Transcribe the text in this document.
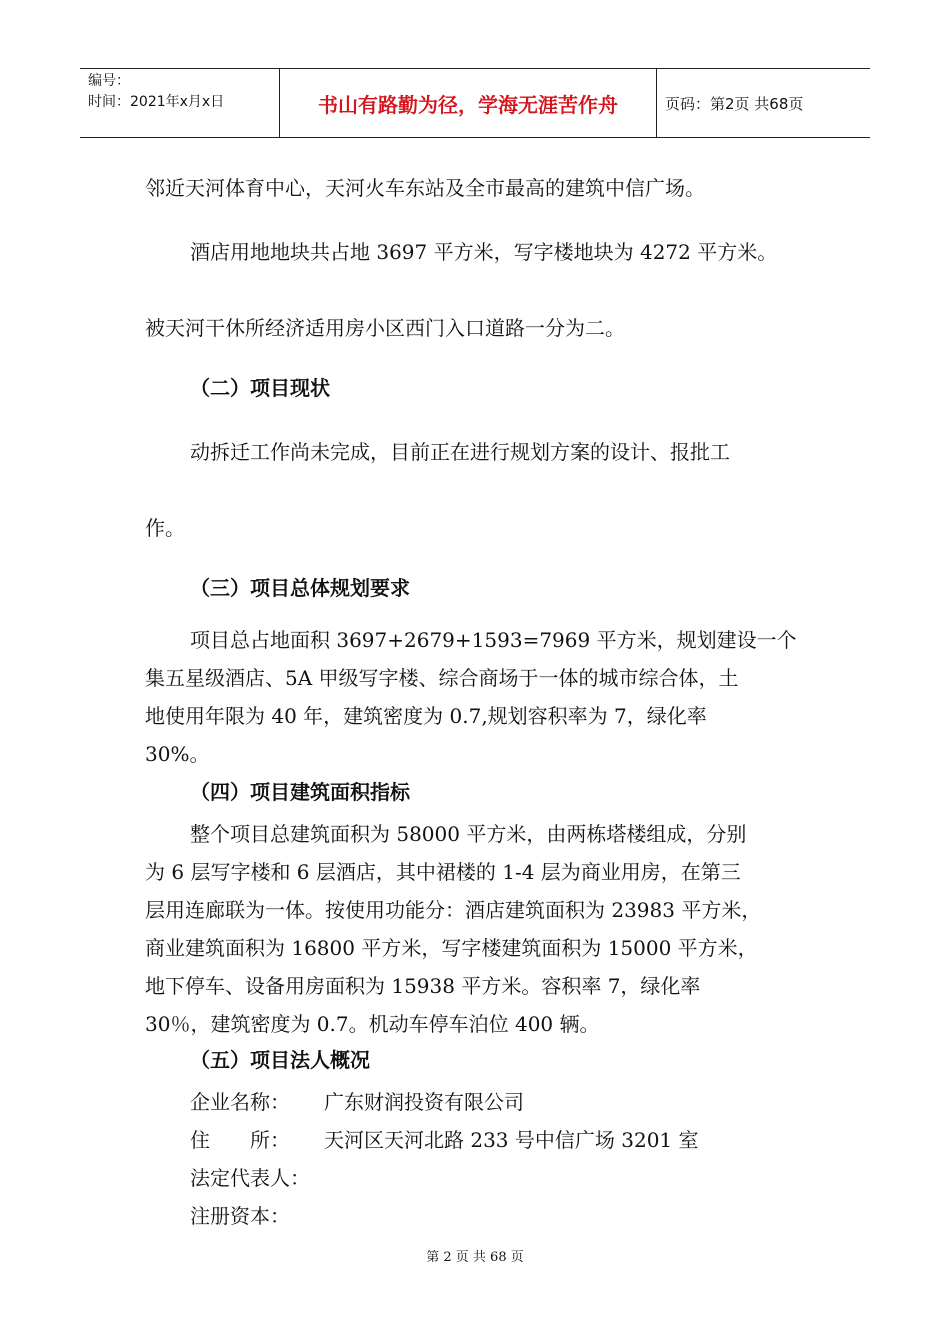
编号：
时间：2021年x月x日	书山有路勤为径，学海无涯苦作舟	页码：第2页 共68页
邻近天河体育中心，天河火车东站及全市最高的建筑中信广场。
酒店用地地块共占地 3697 平方米，写字楼地块为 4272 平方米。
被天河干休所经济适用房小区西门入口道路一分为二。
（二）项目现状
动拆迁工作尚未完成，目前正在进行规划方案的设计、报批工
作。
（三）项目总体规划要求
项目总占地面积 3697+2679+1593=7969 平方米，规划建设一个
集五星级酒店、5A 甲级写字楼、综合商场于一体的城市综合体，土
地使用年限为 40 年，建筑密度为 0.7,规划容积率为 7，绿化率
30%。
（四）项目建筑面积指标
整个项目总建筑面积为 58000 平方米，由两栋塔楼组成，分别
为 6 层写字楼和 6 层酒店，其中裙楼的 1-4 层为商业用房，在第三
层用连廊联为一体。按使用功能分：酒店建筑面积为 23983 平方米，
商业建筑面积为 16800 平方米，写字楼建筑面积为 15000 平方米，
地下停车、设备用房面积为 15938 平方米。容积率 7，绿化率
30％，建筑密度为 0.7。机动车停车泊位 400 辆。
（五）项目法人概况
企业名称： 广东财润投资有限公司
住　　所： 天河区天河北路 233 号中信广场 3201 室
法定代表人：
注册资本：
第 2 页 共 68 页
